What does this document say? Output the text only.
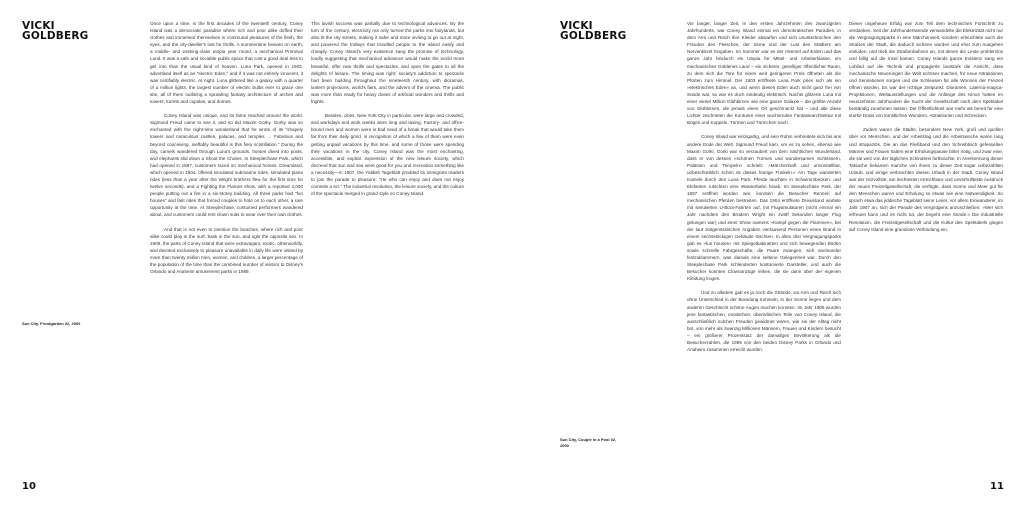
VICKI
GOLDBERG

Once upon a time, in the first decades of the twentieth century, Coney Island was a democratic paradise where rich and poor alike doffed their clothes and immersed themselves in communal pleasures of the flesh, the eyes, and the city-dweller's lust for thrills. A summertime heaven on earth, a middle- and working-class utopia year round, a mechanical Primeval Land. It was a safe and sociable public space that cost a good deal less to get into than the usual kind of heaven. Luna Park, opened in 1903, advertised itself as an "electric Eden," and if it was not entirely innocent, it was certifiably electric. At night, Luna glittered like a galaxy with a quarter of a million lights, the largest number of electric bulbs ever to grace one site, all of them outlining a sprawling fantasy architecture of arches and towers, turrets and cupolas, and domes.

Coney Island was unique, and its fame reached around the world. Sigmund Freud came to see it, and so did Maxim Gorky. Gorky was so enchanted with the night-time wonderland that he wrote of its "shapely towers and miraculous castles, palaces, and temples … Fabulous and beyond conceiving, ineffably beautiful is this fiery scintillation." During the day, camels wandered through Luna's grounds, horses dived into pools, and elephants slid down a Shoot the Chutes. In Steeplechase Park, which had opened in 1897, customers raced on mechanical horses. Dreamland, which opened in 1904, offered simulated submarine rides, simulated plane rides (less than a year after the Wright brothers flew for the first time for twelve seconds), and a Fighting the Flames show, with a reported 4,000 people putting out a fire in a six-storey building. All three parks had "fun houses" and fast rides that forced couples to hold on to each other, a rare opportunity at the time. At Steeplechase, costumed performers wandered about, and customers could rent clown suits to wear over their own clothes.

And that is not even to mention the beaches, where rich and poor alike could play in the surf, bask in the sun, and ogle the opposite sex. In 1909, the parts of Coney Island that were extravagant, exotic, otherworldly, and devoted exclusively to pleasure unavailable in daily life were visited by more than twenty million men, women, and children, a larger percentage of the population of the time than the combined number of visitors to Disney's Orlando and Anaheim amusement parks in 1989.

This lavish success was partially due to technological advances. By the turn of the century, electricity not only turned the parks into fairylands, but also lit the city streets, making it safer and more inviting to go out at night, and powered the trolleys that trundled people to the island easily and cheaply. Coney Island's very existence sang the promise of technology, loudly suggesting that mechanical advances would make the world more beautiful, offer new thrills and spectacles, and open the gates to all the delights of leisure. The timing was right: society's addiction to spectacle had been building throughout the nineteenth century, with dioramas, lantern projections, world's fairs, and the advent of the cinema. The public was more than ready for heavy doses of artificial wonders and thrills and frights.

Besides, cities, New York City in particular, were large and crowded, and workdays and work weeks were long and taxing. Factory- and office-bound men and women were in bad need of a break that would take them far from their daily grind, in recognition of which a few of them were even getting unpaid vacations by this time, and some of those were spending their vacations in the city. Coney Island was the most enchanting, accessible, and explicit expression of the new leisure society, which decreed that sun and sea were good for you and recreation something like a necessity—in 1907, the Yiddish Tageblatt prodded its immigrant readers to join the parade to pleasure: "He who can enjoy and does not enjoy commits a sin." The industrial revolution, the leisure society, and the culture of the spectacle merged in grand style on Coney Island.

Sun City, Frontgarden 02, 2000
10
VICKI
GOLDBERG

Vor langer, langer Zeit, in den ersten Jahrzehnten des zwanzigsten Jahrhunderts, war Coney Island einmal ein demokratisches Paradies, in dem Arm und Reich ihre Kleider abwarfen und sich ununterbrochen den Freuden des Fleisches, der Sinne und der Lust des Städters am Nervenkitzel hingaben. Im Sommer war es der Himmel auf Erden und das ganze Jahr hindurch ein Utopia für Mittel- und Arbeiterklasse, ein mechanisches Goldenes Land – ein sicherer, geselliger öffentlicher Raum, zu dem sich die Tore für einen weit geringeren Preis öffneten als die Pforten zum Himmel. Der 1903 eröffnete Luna Park pries sich als ein »elektrisches Eden« an, und wenn dieses Eden auch nicht ganz frei von Sünde war, so war es doch eindeutig elektrisch. Nachts glitzerte Luna mit einer viertel Million Glühbirnen wie eine ganze Galaxie – die größte Anzahl von Glühbirnen, die jemals einen Ort geschmückt hat – und alle diese Lichter zeichneten die Konturen einer wuchernden Fantasiearchitektur mit Bögen und Kuppeln, Türmen und Türmchen nach.

Coney Island war einzigartig, und sein Ruhm verbreitete sich bis ans andere Ende der Welt. Sigmund Freud kam, um es zu sehen, ebenso wie Maxim Gorki. Gorki war so verzaubert von dem nächtlichen Wunderland, dass er von dessen »schönen Türmen und wundersamen Schlössern, Palästen und Tempeln« schrieb: »Märchenhaft und unvorstellbar, unbeschreiblich schön ist dieses feurige Funkeln.« Am Tage wanderten Kamele durch den Luna Park, Pferde tauchten in Schwimmbecken, und Elefanten rutschten eine Wasserbahn hinab. Im Steeplechase Park, der 1897 eröffnet worden war, konnten die Besucher Rennen auf mechanischen Pferden bestreiten. Das 1904 eröffnete Dreamland wartete mit simulierten U-Boot-Fahrten auf, mit Flugsimulatoren (nicht einmal ein Jahr nachdem den Brüdern Wright ein zwölf Sekunden langer Flug gelungen war) und einer Show namens »Kampf gegen die Flammen«, bei der laut zeitgenössischen Angaben viertausend Personen einen Brand in einem sechsstöckigen Gebäude löschten. In allen drei Vergnügungsparks gab es »fun houses« mit Spiegelkabinetten und sich bewegenden Böden sowie schnelle Fahrgeschäfte, die Paare zwangen, sich aneinander festzuklammern, was damals eine seltene Gelegenheit war. Durch den Steeplechase Park schlenderten kostümierte Darsteller, und auch die Besucher konnten Clownanzüge leihen, die sie dann über der eigenen Kleidung trugen.

Und zu alledem gab es ja noch die Strände, wo Arm und Reich sich ohne Unterschied in der Brandung tummeln, in der Sonne liegen und dem anderen Geschlecht schöne Augen machen konnten. Im Jahr 1909 wurden jene fantastischen, exotischen, überirdischen Teile von Coney Island, die ausschließlich solchen Freuden gewidmet waren, wie sie der Alltag nicht bot, von mehr als zwanzig Millionen Männern, Frauen und Kindern besucht – ein größerer Prozentsatz der damaligen Bevölkerung als die Besucherzahlen, die 1989 von den beiden Disney Parks in Orlando und Anaheim zusammen erreicht wurden.

Dieser ungeheure Erfolg war zum Teil dem technischen Fortschritt zu verdanken. Seit der Jahrhundertwende verwandelte die Elektrizität nicht nur die Vergnügungsparks in eine Märchenwelt, sondern erleuchtete auch die Straßen der Stadt, die dadurch sicherer wurden und eher zum Ausgehen einluden, und trieb die Straßenbahnen an, mit denen die Leute problemlos und billig auf die Insel kamen. Coney Islands ganze Existenz sang ein Loblied auf die Technik und propagierte lautstark die Ansicht, dass mechanische Neuerungen die Welt schöner machen, für neue Attraktionen und Sensationen sorgen und die Schleusen für alle Wonnen der Freizeit öffnen würden. Es war der richtige Zeitpunkt: Dioramen, Laterna-magica-Projektionen, Weltausstellungen und die Anfänge des Kinos hatten im neunzehnten Jahrhundert die Sucht der Gesellschaft nach dem Spektakel beständig zunehmen lassen. Die Öffentlichkeit war mehr als bereit für eine starke Dosis von künstlichen Wundern, Attraktionen und Schrecken.

Zudem waren die Städte, besonders New York, groß und quollen über vor Menschen, und der Arbeitstag und die Arbeitswoche waren lang und strapaziös. Die an das Fließband und den Schreibtisch gefesselten Männer und Frauen hatten eine Erholungspause bitter nötig, und zwar eine, die sie weit von der täglichen Schinderei fortbrachte. In Anerkennung dieser Tatsache bekamen manche von ihnen zu dieser Zeit sogar unbezahlten Urlaub, und einige verbrachten diesen Urlaub in der Stadt. Coney Island war der reizvollste, am leichtesten erreichbare und unverhüllteste Ausdruck der neuen Freizeitgesellschaft, die verfügte, dass Sonne und Meer gut für den Menschen waren und Erholung so etwas wie eine Notwendigkeit. So sprach etwa das jiddische Tageblatt seine Leser, vor allem Einwanderer, im Jahr 1907 an, sich der Parade des Vergnügens anzuschließen: »Wer sich erfreuen kann und es nicht tut, der begeht eine Sünde.« Die industrielle Revolution, die Freizeitgesellschaft und die Kultur des Spektakels gingen auf Coney Island eine grandiose Verbindung ein.

Sun City, Couple in a Pool 02, 2000
11
